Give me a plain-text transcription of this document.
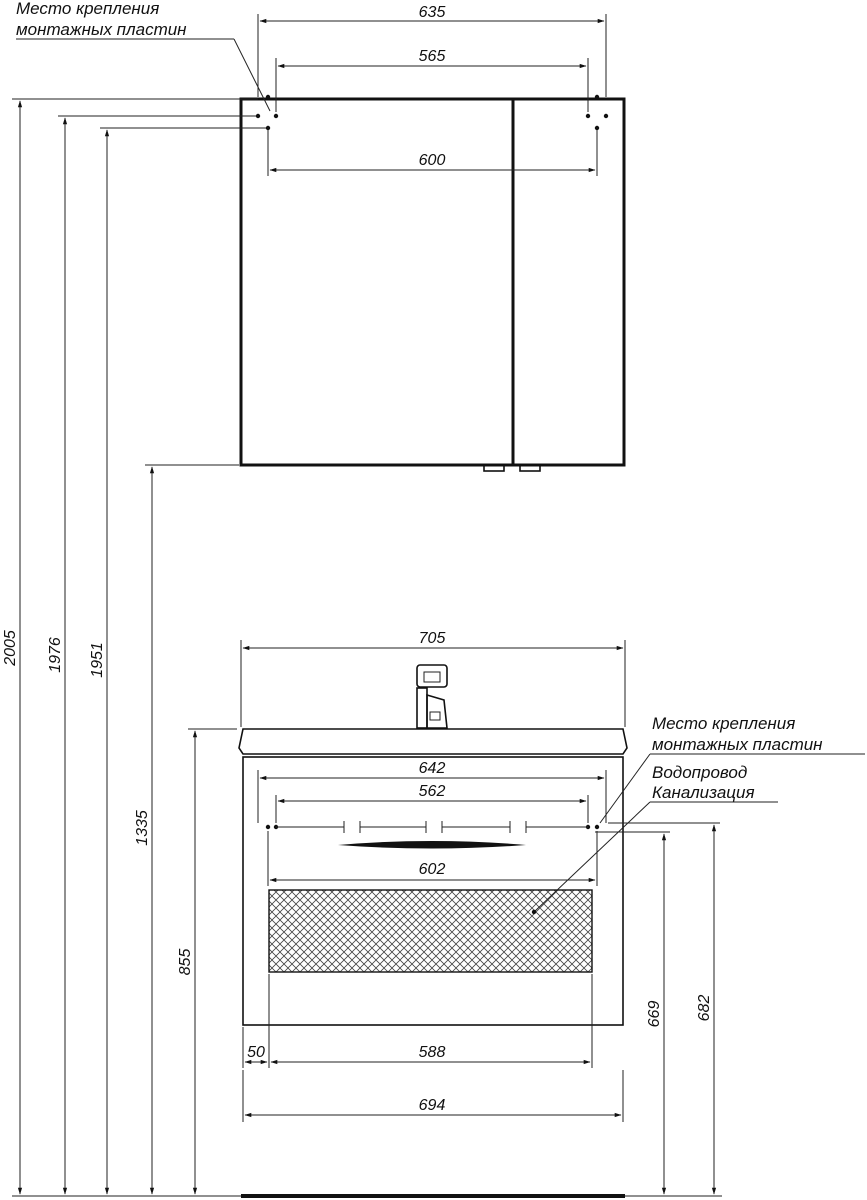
635
565
600
Место крепления
монтажных пластин
705
642
562
602
50	588
694
Место крепления
монтажных пластин
Водопровод
Канализация
2005 1976 1951
1335
855
669 682
